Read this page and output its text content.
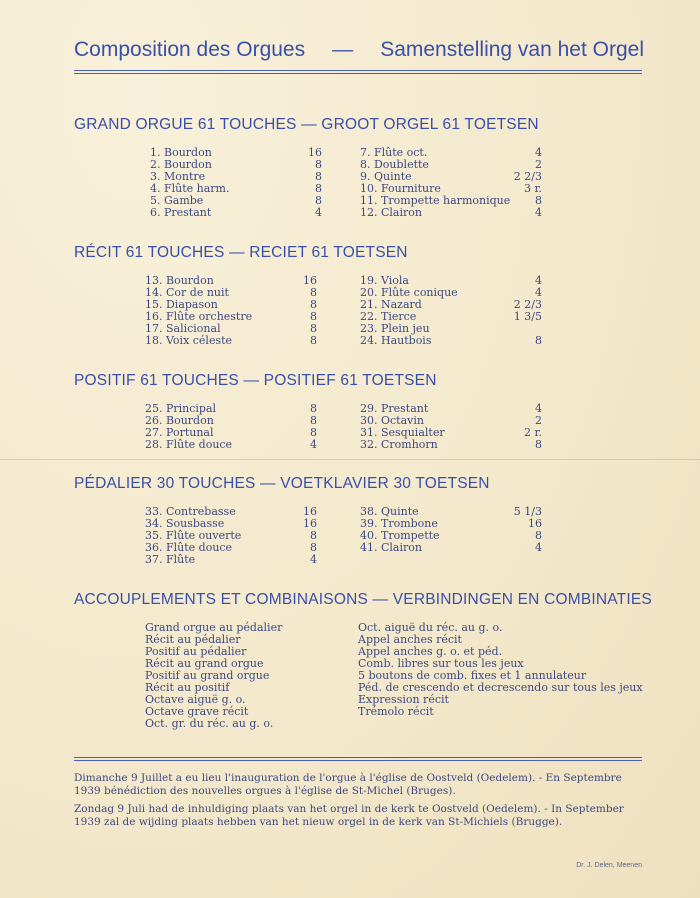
Composition des Orgues — Samenstelling van het Orgel
GRAND ORGUE 61 TOUCHES — GROOT ORGEL 61 TOETSEN
1. Bourdon	16
2. Bourdon	8
3. Montre	8
4. Flûte harm.	8
5. Gambe	8
6. Prestant	4
7. Flûte oct.	4
8. Doublette	2
9. Quinte	2 2/3
10. Fourniture	3 r.
11. Trompette harmonique	8
12. Clairon	4
RÉCIT 61 TOUCHES — RECIET 61 TOETSEN
13. Bourdon	16
14. Cor de nuit	8
15. Diapason	8
16. Flûte orchestre	8
17. Salicional	8
18. Voix céleste	8
19. Viola	4
20. Flûte conique	4
21. Nazard	2 2/3
22. Tierce	1 3/5
23. Plein jeu
24. Hautbois	8
POSITIF 61 TOUCHES — POSITIEF 61 TOETSEN
25. Principal	8
26. Bourdon	8
27. Portunal	8
28. Flûte douce	4
29. Prestant	4
30. Octavin	2
31. Sesquialter	2 r.
32. Cromhorn	8
PÉDALIER 30 TOUCHES — VOETKLAVIER 30 TOETSEN
33. Contrebasse	16
34. Sousbasse	16
35. Flûte ouverte	8
36. Flûte douce	8
37. Flûte	4
38. Quinte	5 1/3
39. Trombone	16
40. Trompette	8
41. Clairon	4
ACCOUPLEMENTS ET COMBINAISONS — VERBINDINGEN EN COMBINATIES
Grand orgue au pédalier
Récit au pédalier
Positif au pédalier
Récit au grand orgue
Positif au grand orgue
Récit au positif
Octave aiguë g. o.
Octave grave récit
Oct. gr. du réc. au g. o.
Oct. aiguë du réc. au g. o.
Appel anches récit
Appel anches g. o. et péd.
Comb. libres sur tous les jeux
5 boutons de comb. fixes et 1 annulateur
Péd. de crescendo et decrescendo sur tous les jeux
Expression récit
Trémolo récit
Dimanche 9 Juillet a eu lieu l'inauguration de l'orgue à l'église de Oostveld (Oedelem). - En Septembre 1939 bénédiction des nouvelles orgues à l'église de St-Michel (Bruges).
Zondag 9 Juli had de inhuldiging plaats van het orgel in de kerk te Oostveld (Oedelem). - In September 1939 zal de wijding plaats hebben van het nieuw orgel in de kerk van St-Michiels (Brugge).
Dr. J. Delen, Meenen
